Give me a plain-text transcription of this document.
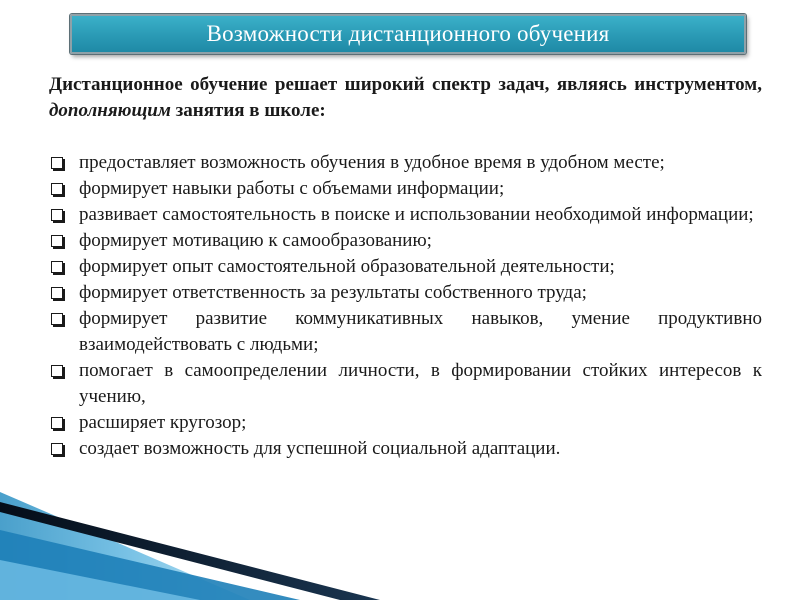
Возможности дистанционного обучения

Дистанционное обучение решает широкий спектр задач, являясь инструментом, дополняющим занятия в школе:

предоставляет возможность обучения в удобное время в удобном месте;
формирует навыки работы с объемами информации;
развивает самостоятельность в поиске и использовании необходимой информации;
формирует мотивацию к самообразованию;
формирует опыт самостоятельной образовательной деятельности;
формирует ответственность за результаты собственного труда;
формирует развитие коммуникативных навыков, умение продуктивно взаимодействовать с людьми;
помогает в самоопределении личности, в формировании стойких интересов к учению,
расширяет кругозор;
создает возможность для успешной социальной адаптации.
